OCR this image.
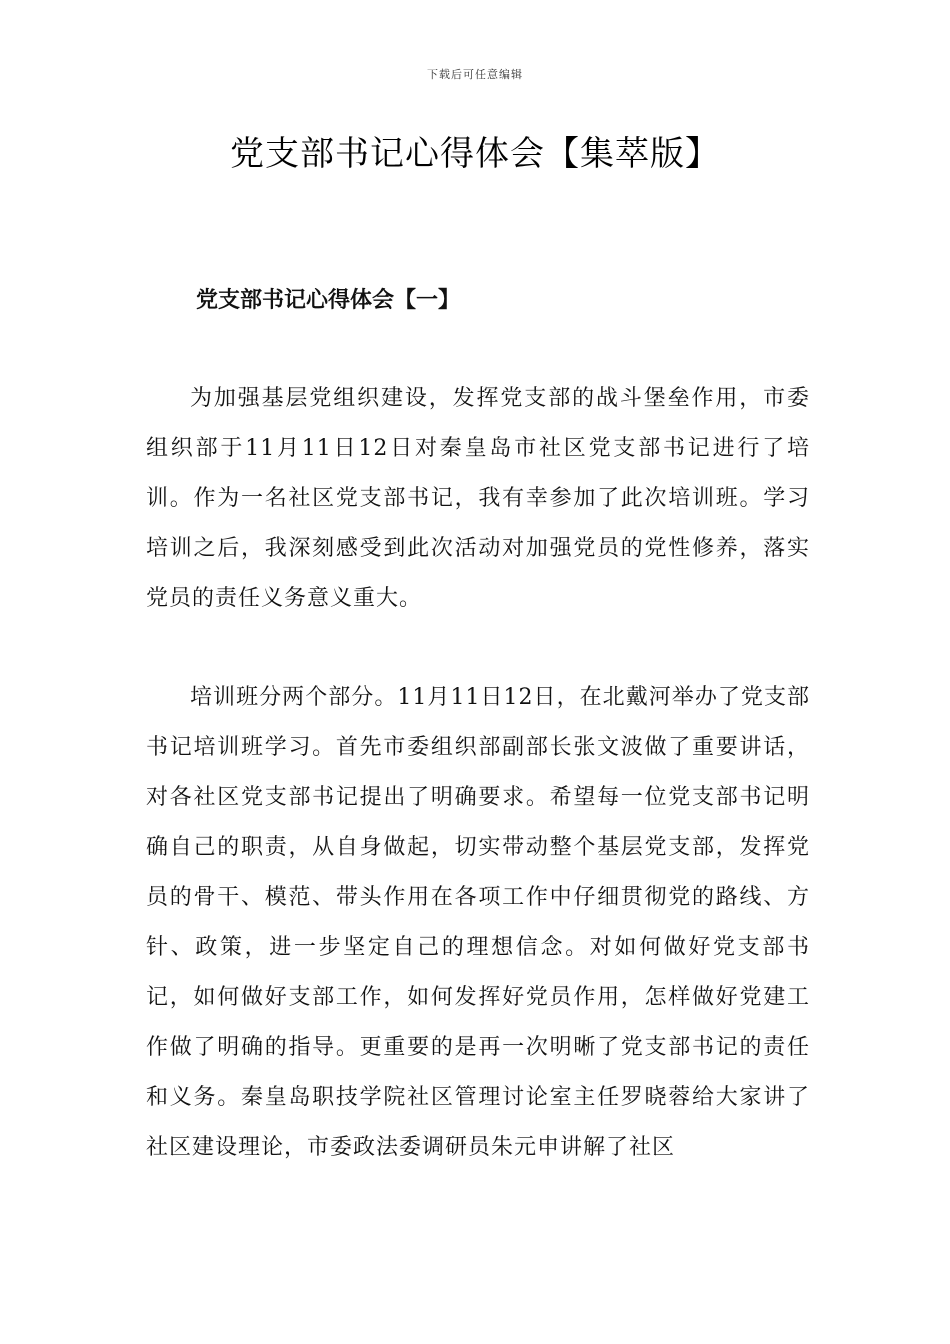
下载后可任意编辑
党支部书记心得体会【集萃版】
党支部书记心得体会【一】

为加强基层党组织建设，发挥党支部的战斗堡垒作用，市委组织部于11月11日12日对秦皇岛市社区党支部书记进行了培训。作为一名社区党支部书记，我有幸参加了此次培训班。学习培训之后，我深刻感受到此次活动对加强党员的党性修养，落实党员的责任义务意义重大。

培训班分两个部分。11月11日12日，在北戴河举办了党支部书记培训班学习。首先市委组织部副部长张文波做了重要讲话，对各社区党支部书记提出了明确要求。希望每一位党支部书记明确自己的职责，从自身做起，切实带动整个基层党支部，发挥党员的骨干、模范、带头作用在各项工作中仔细贯彻党的路线、方针、政策，进一步坚定自己的理想信念。对如何做好党支部书记，如何做好支部工作，如何发挥好党员作用，怎样做好党建工作做了明确的指导。更重要的是再一次明晰了党支部书记的责任和义务。秦皇岛职技学院社区管理讨论室主任罗晓蓉给大家讲了社区建设理论，市委政法委调研员朱元申讲解了社区
